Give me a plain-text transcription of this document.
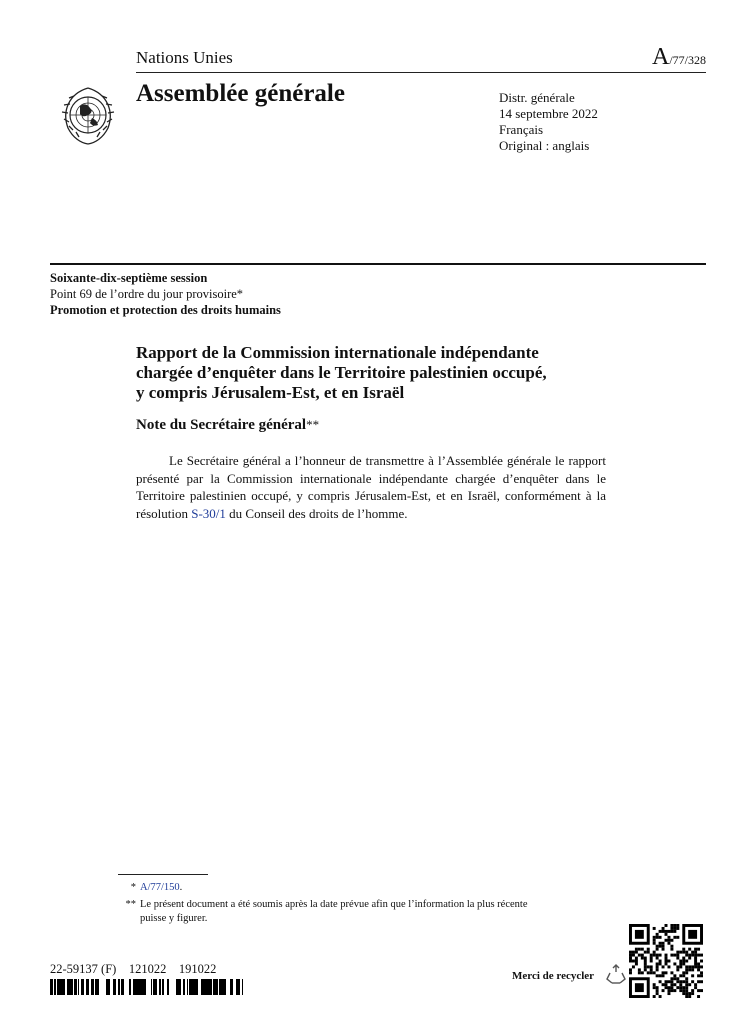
Nations Unies	A/77/328
Assemblée générale	Distr. générale
14 septembre 2022
Français
Original : anglais
Soixante-dix-septième session
Point 69 de l’ordre du jour provisoire*
Promotion et protection des droits humains
Rapport de la Commission internationale indépendante
chargée d’enquêter dans le Territoire palestinien occupé,
y compris Jérusalem-Est, et en Israël
Note du Secrétaire général**
Le Secrétaire général a l’honneur de transmettre à l’Assemblée générale le rapport présenté par la Commission internationale indépendante chargée d’enquêter dans le Territoire palestinien occupé, y compris Jérusalem-Est, et en Israël, conformément à la résolution S-30/1 du Conseil des droits de l’homme.
* A/77/150.
** Le présent document a été soumis après la date prévue afin que l’information la plus récente
puisse y figurer.
22-59137 (F)    121022    191022	Merci de recycler
